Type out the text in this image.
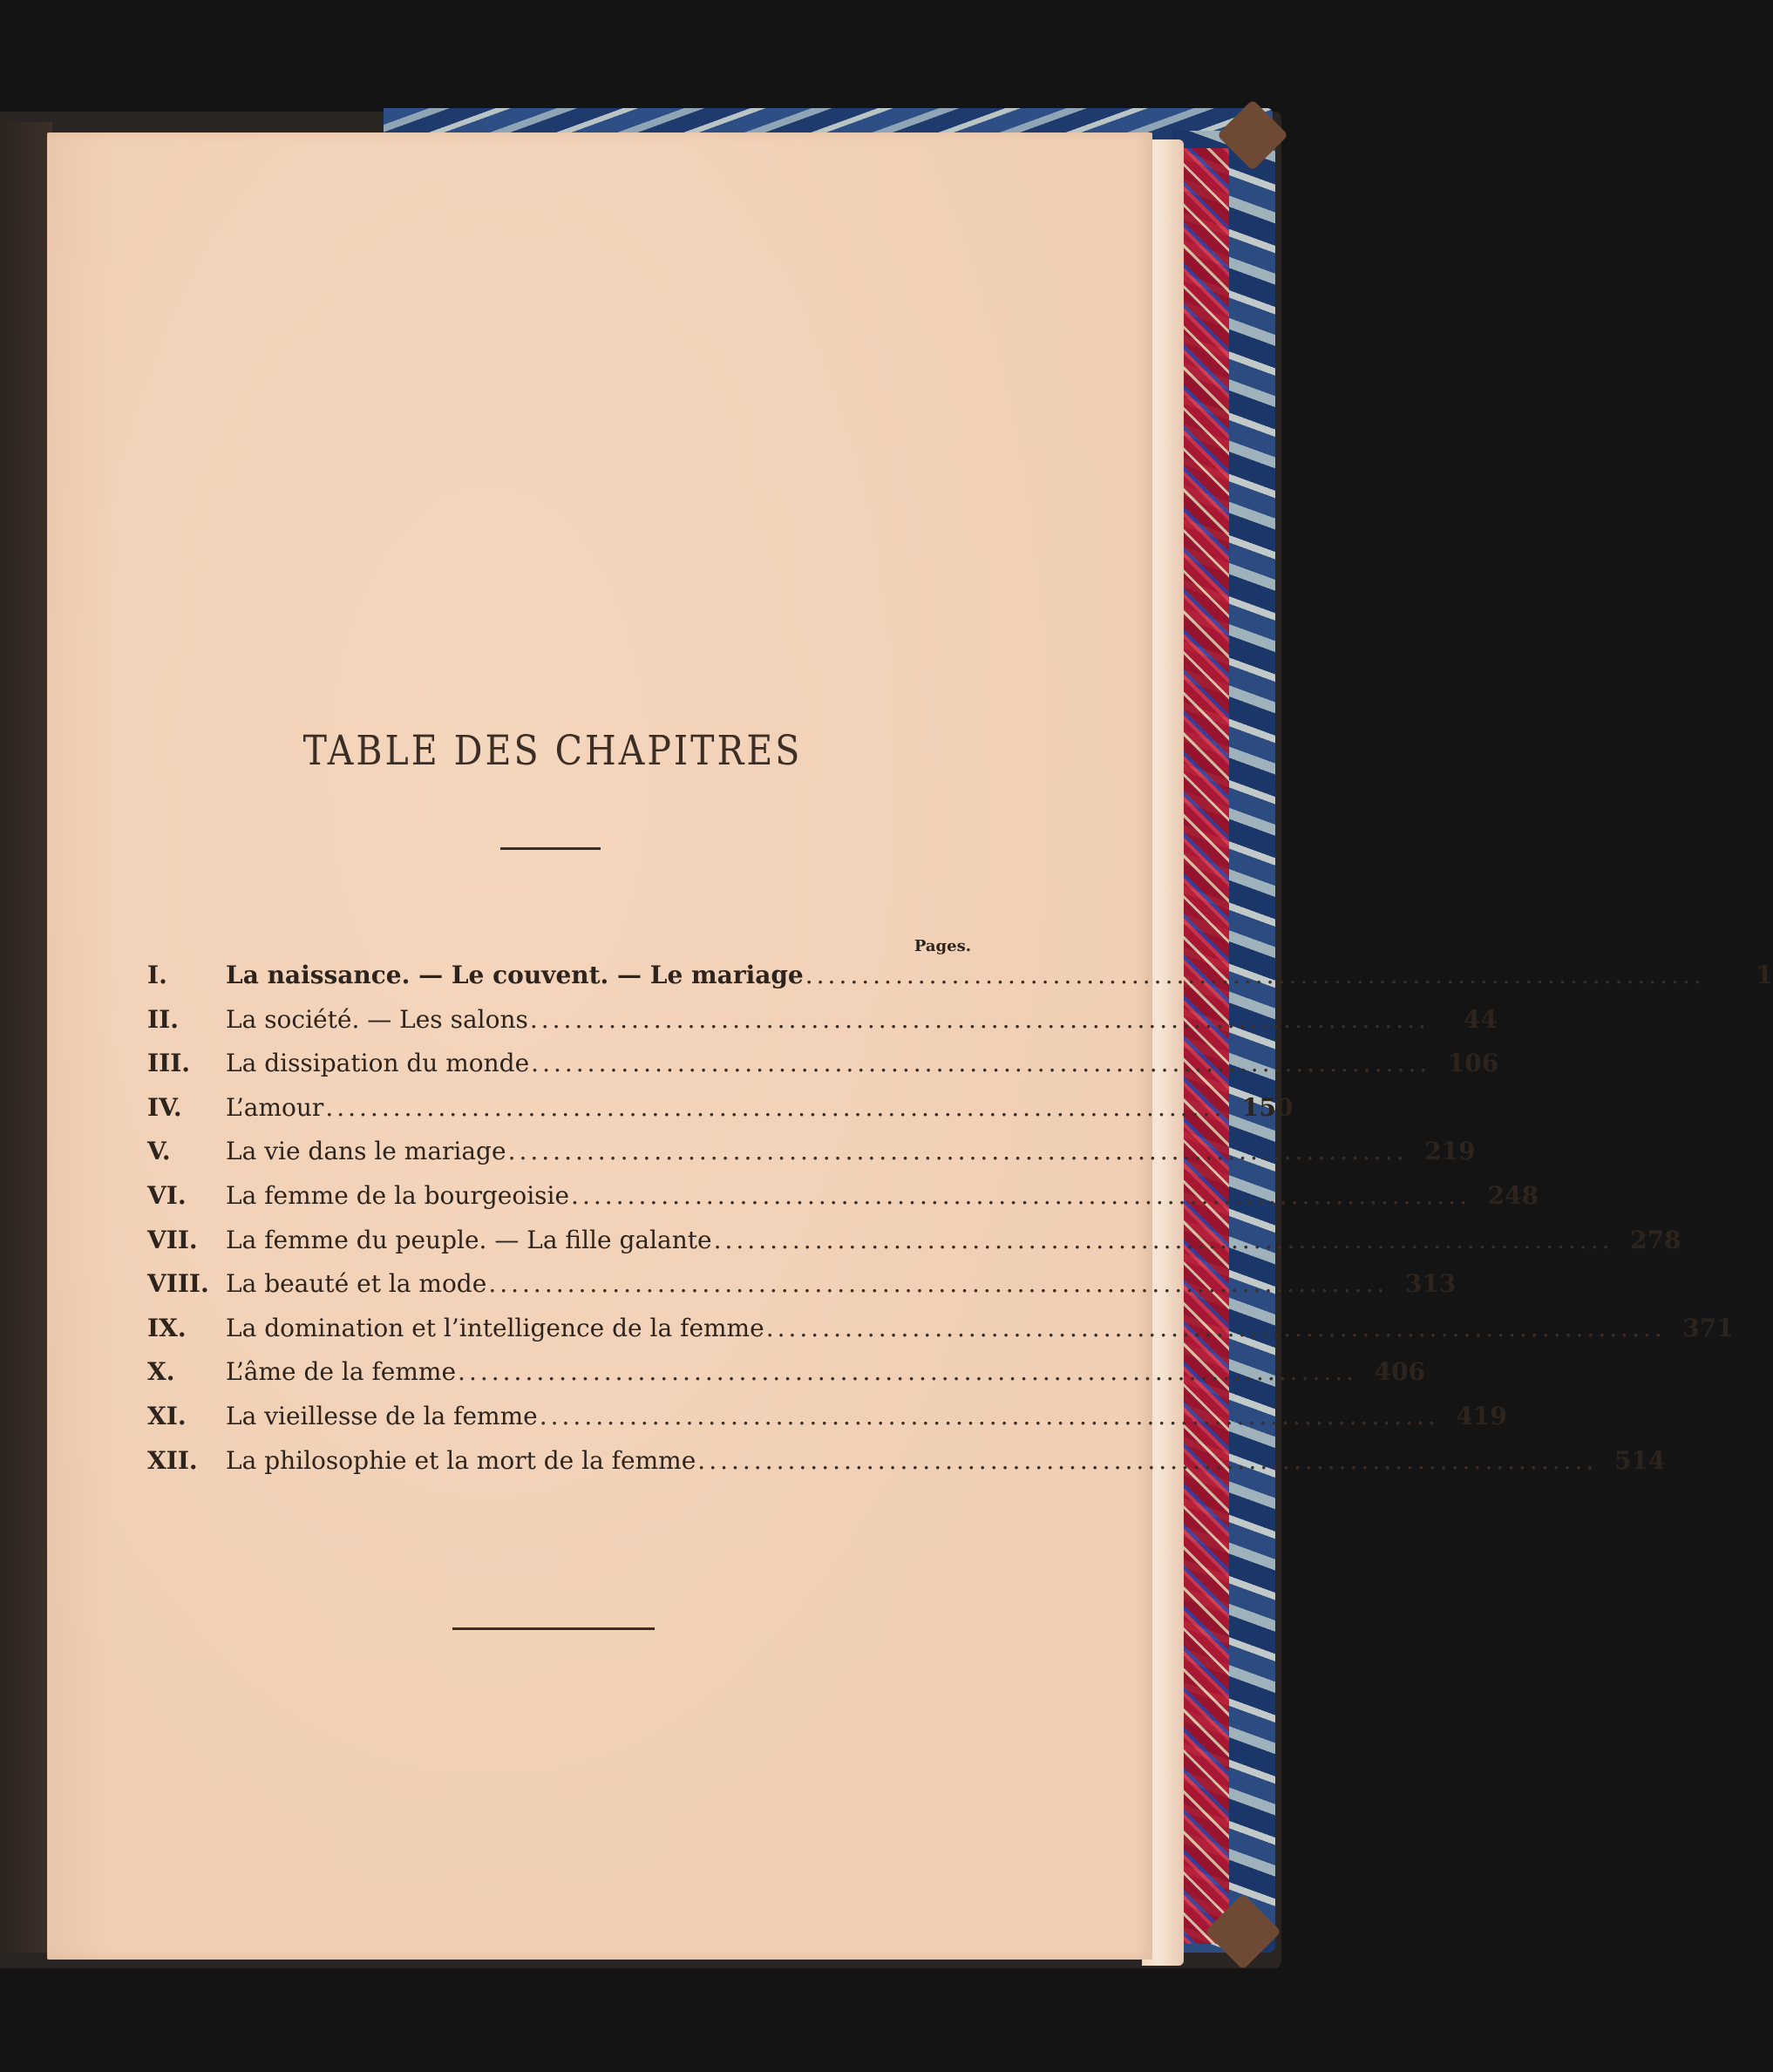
TABLE DES CHAPITRES
Pages.
I.	La naissance. — Le couvent. — Le mariage ................................................................................	1
II.	La société. — Les salons ................................................................................	44
III.	La dissipation du monde ................................................................................ 106
IV.	L’amour ................................................................................ 150
V.	La vie dans le mariage ................................................................................ 219
VI.	La femme de la bourgeoisie ................................................................................ 248
VII.	La femme du peuple. — La fille galante ................................................................................ 278
VIII. La beauté et la mode ................................................................................ 313
IX.	La domination et l’intelligence de la femme ................................................................................ 371
X.	L’âme de la femme ................................................................................ 406
XI.	La vieillesse de la femme ................................................................................ 419
XII.	La philosophie et la mort de la femme ................................................................................ 514
